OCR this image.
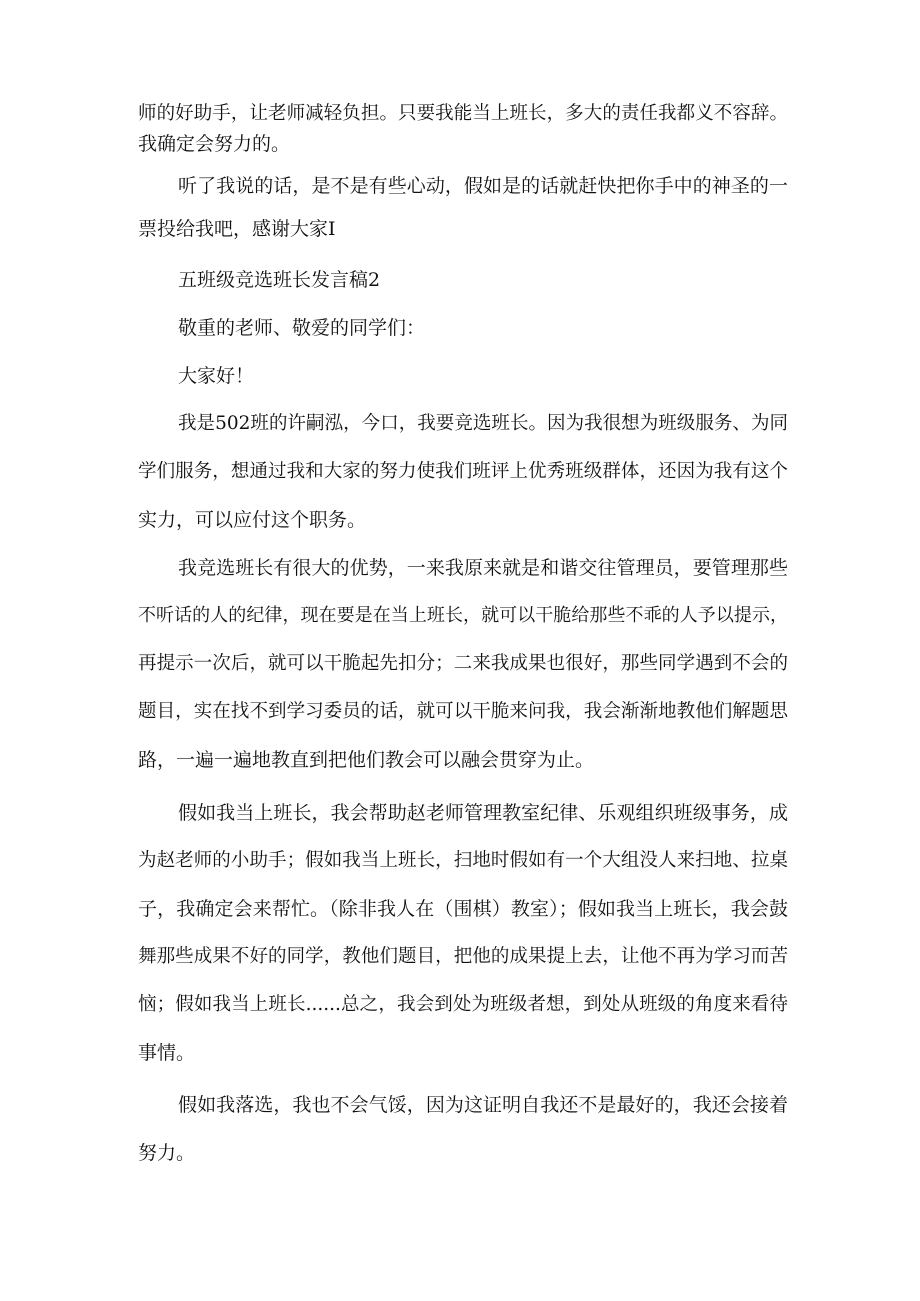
师的好助手，让老师减轻负担。只要我能当上班长，多大的责任我都义不容辞。
我确定会努力的。
听了我说的话，是不是有些心动，假如是的话就赶快把你手中的神圣的一
票投给我吧，感谢大家I
五班级竞选班长发言稿2
敬重的老师、敬爱的同学们：
大家好！
我是502班的许嗣泓，今口，我要竞选班长。因为我很想为班级服务、为同
学们服务，想通过我和大家的努力使我们班评上优秀班级群体，还因为我有这个
实力，可以应付这个职务。
我竞选班长有很大的优势，一来我原来就是和谐交往管理员，要管理那些
不听话的人的纪律，现在要是在当上班长，就可以干脆给那些不乖的人予以提示，
再提示一次后，就可以干脆起先扣分；二来我成果也很好，那些同学遇到不会的
题目，实在找不到学习委员的话，就可以干脆来问我，我会渐渐地教他们解题思
路，一遍一遍地教直到把他们教会可以融会贯穿为止。
假如我当上班长，我会帮助赵老师管理教室纪律、乐观组织班级事务，成
为赵老师的小助手；假如我当上班长，扫地时假如有一个大组没人来扫地、拉桌
子，我确定会来帮忙。（除非我人在（围棋）教室）；假如我当上班长，我会鼓
舞那些成果不好的同学，教他们题目，把他的成果提上去，让他不再为学习而苦
恼；假如我当上班长......总之，我会到处为班级者想，到处从班级的角度来看待
事情。
假如我落选，我也不会气馁，因为这证明自我还不是最好的，我还会接着
努力。
